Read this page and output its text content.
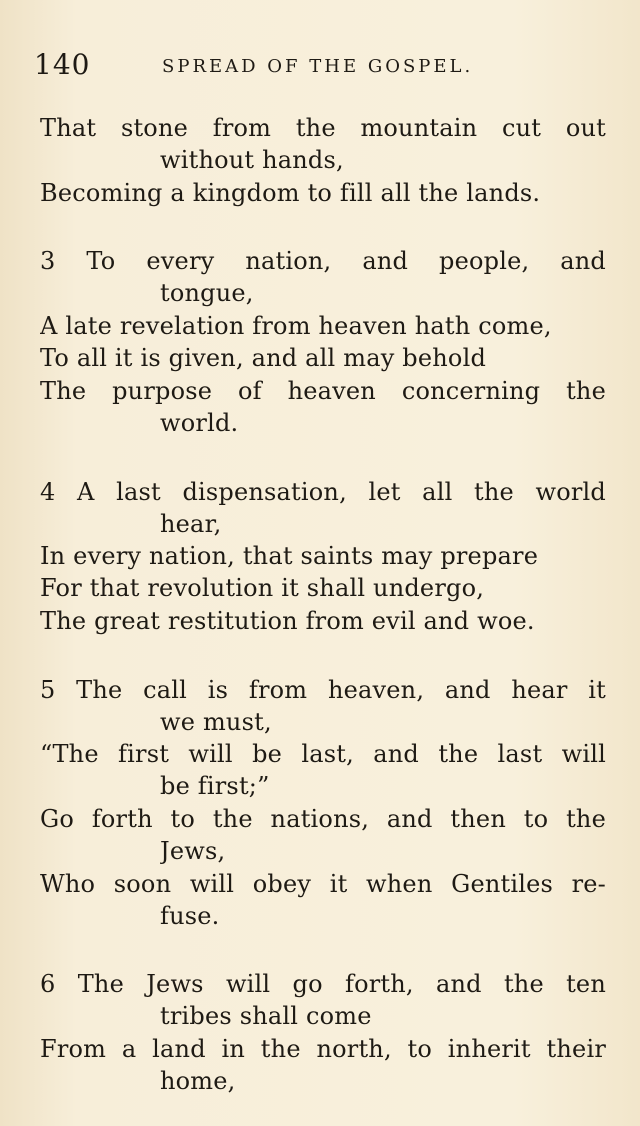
140	SPREAD OF THE GOSPEL.
That stone from the mountain cut out
without hands,
Becoming a kingdom to fill all the lands.
3 To every nation, and people, and
tongue,
A late revelation from heaven hath come,
To all it is given, and all may behold
The purpose of heaven concerning the
world.
4 A last dispensation, let all the world
hear,
In every nation, that saints may prepare
For that revolution it shall undergo,
The great restitution from evil and woe.
5 The call is from heaven, and hear it
we must,
“The first will be last, and the last will
be first;”
Go forth to the nations, and then to the
Jews,
Who soon will obey it when Gentiles re-
fuse.
6 The Jews will go forth, and the ten
tribes shall come
From a land in the north, to inherit their
home,
